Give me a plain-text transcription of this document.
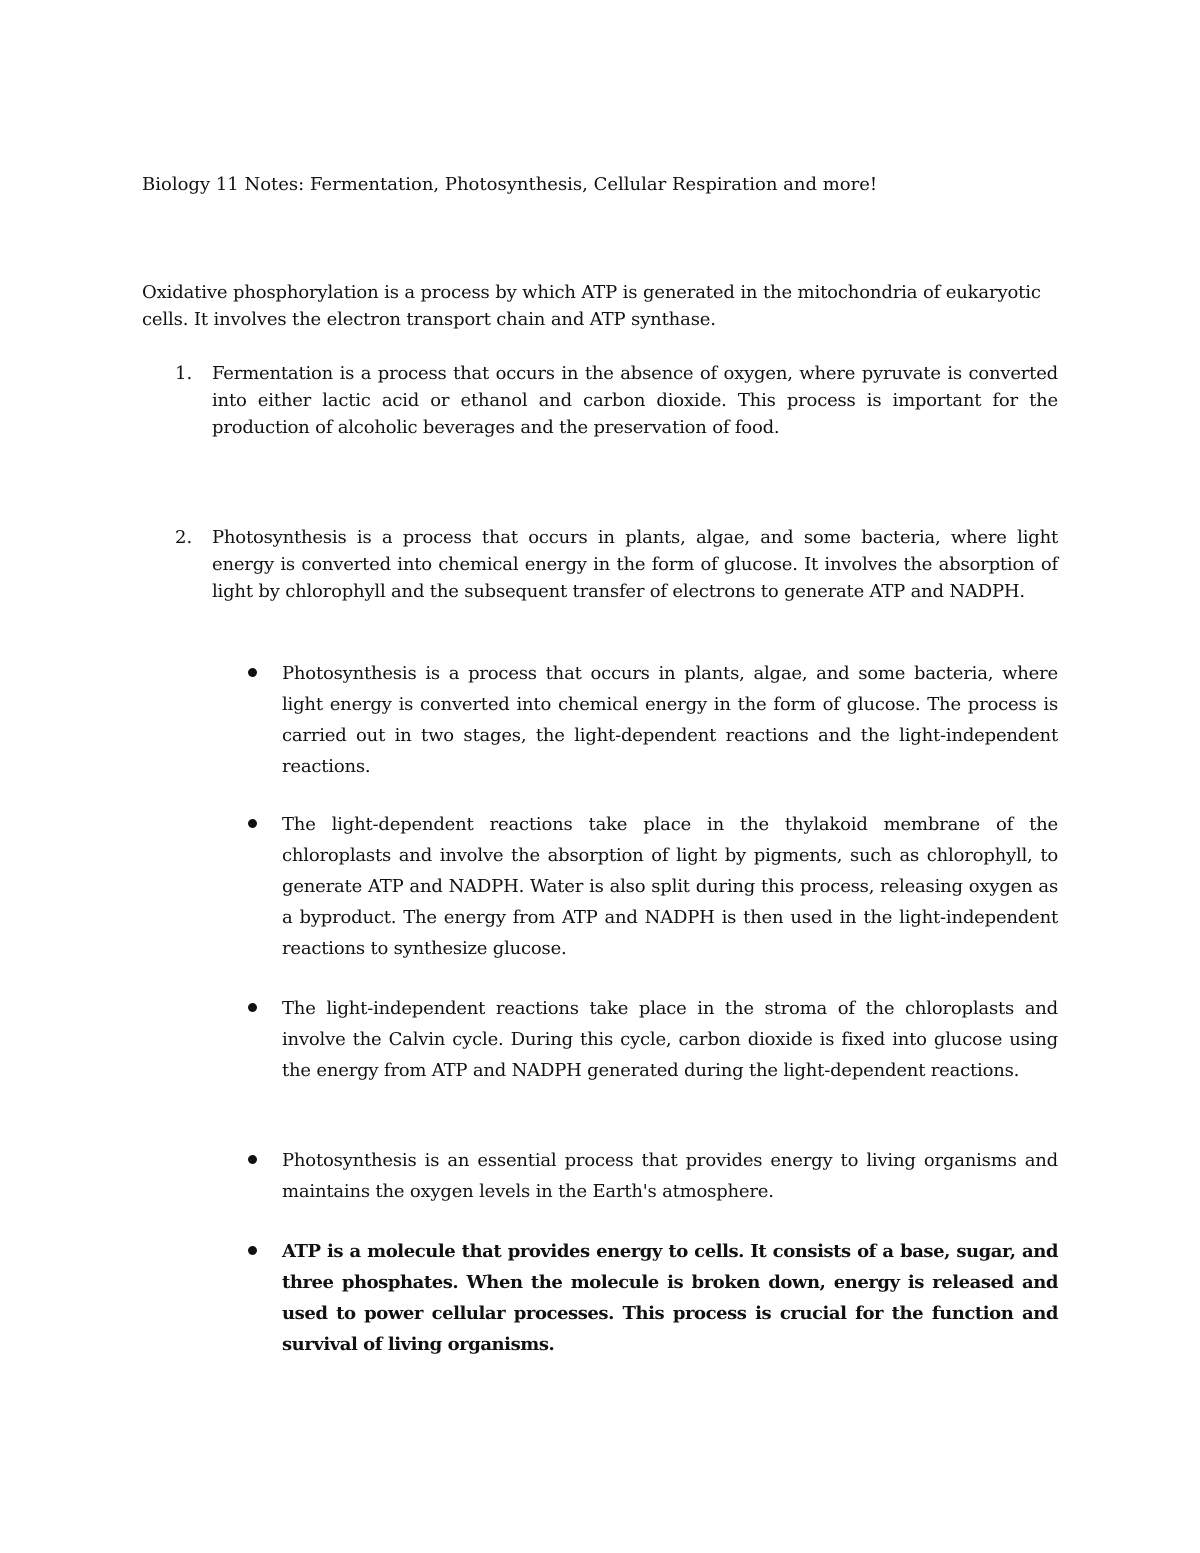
Biology 11 Notes: Fermentation, Photosynthesis, Cellular Respiration and more!
Oxidative phosphorylation is a process by which ATP is generated in the mitochondria of eukaryotic cells. It involves the electron transport chain and ATP synthase.
1. Fermentation is a process that occurs in the absence of oxygen, where pyruvate is converted into either lactic acid or ethanol and carbon dioxide. This process is important for the production of alcoholic beverages and the preservation of food.
2. Photosynthesis is a process that occurs in plants, algae, and some bacteria, where light energy is converted into chemical energy in the form of glucose. It involves the absorption of light by chlorophyll and the subsequent transfer of electrons to generate ATP and NADPH.
Photosynthesis is a process that occurs in plants, algae, and some bacteria, where light energy is converted into chemical energy in the form of glucose. The process is carried out in two stages, the light-dependent reactions and the light-independent reactions.
The light-dependent reactions take place in the thylakoid membrane of the chloroplasts and involve the absorption of light by pigments, such as chlorophyll, to generate ATP and NADPH. Water is also split during this process, releasing oxygen as a byproduct. The energy from ATP and NADPH is then used in the light-independent reactions to synthesize glucose.
The light-independent reactions take place in the stroma of the chloroplasts and involve the Calvin cycle. During this cycle, carbon dioxide is fixed into glucose using the energy from ATP and NADPH generated during the light-dependent reactions.
Photosynthesis is an essential process that provides energy to living organisms and maintains the oxygen levels in the Earth's atmosphere.
ATP is a molecule that provides energy to cells. It consists of a base, sugar, and three phosphates. When the molecule is broken down, energy is released and used to power cellular processes. This process is crucial for the function and survival of living organisms.
